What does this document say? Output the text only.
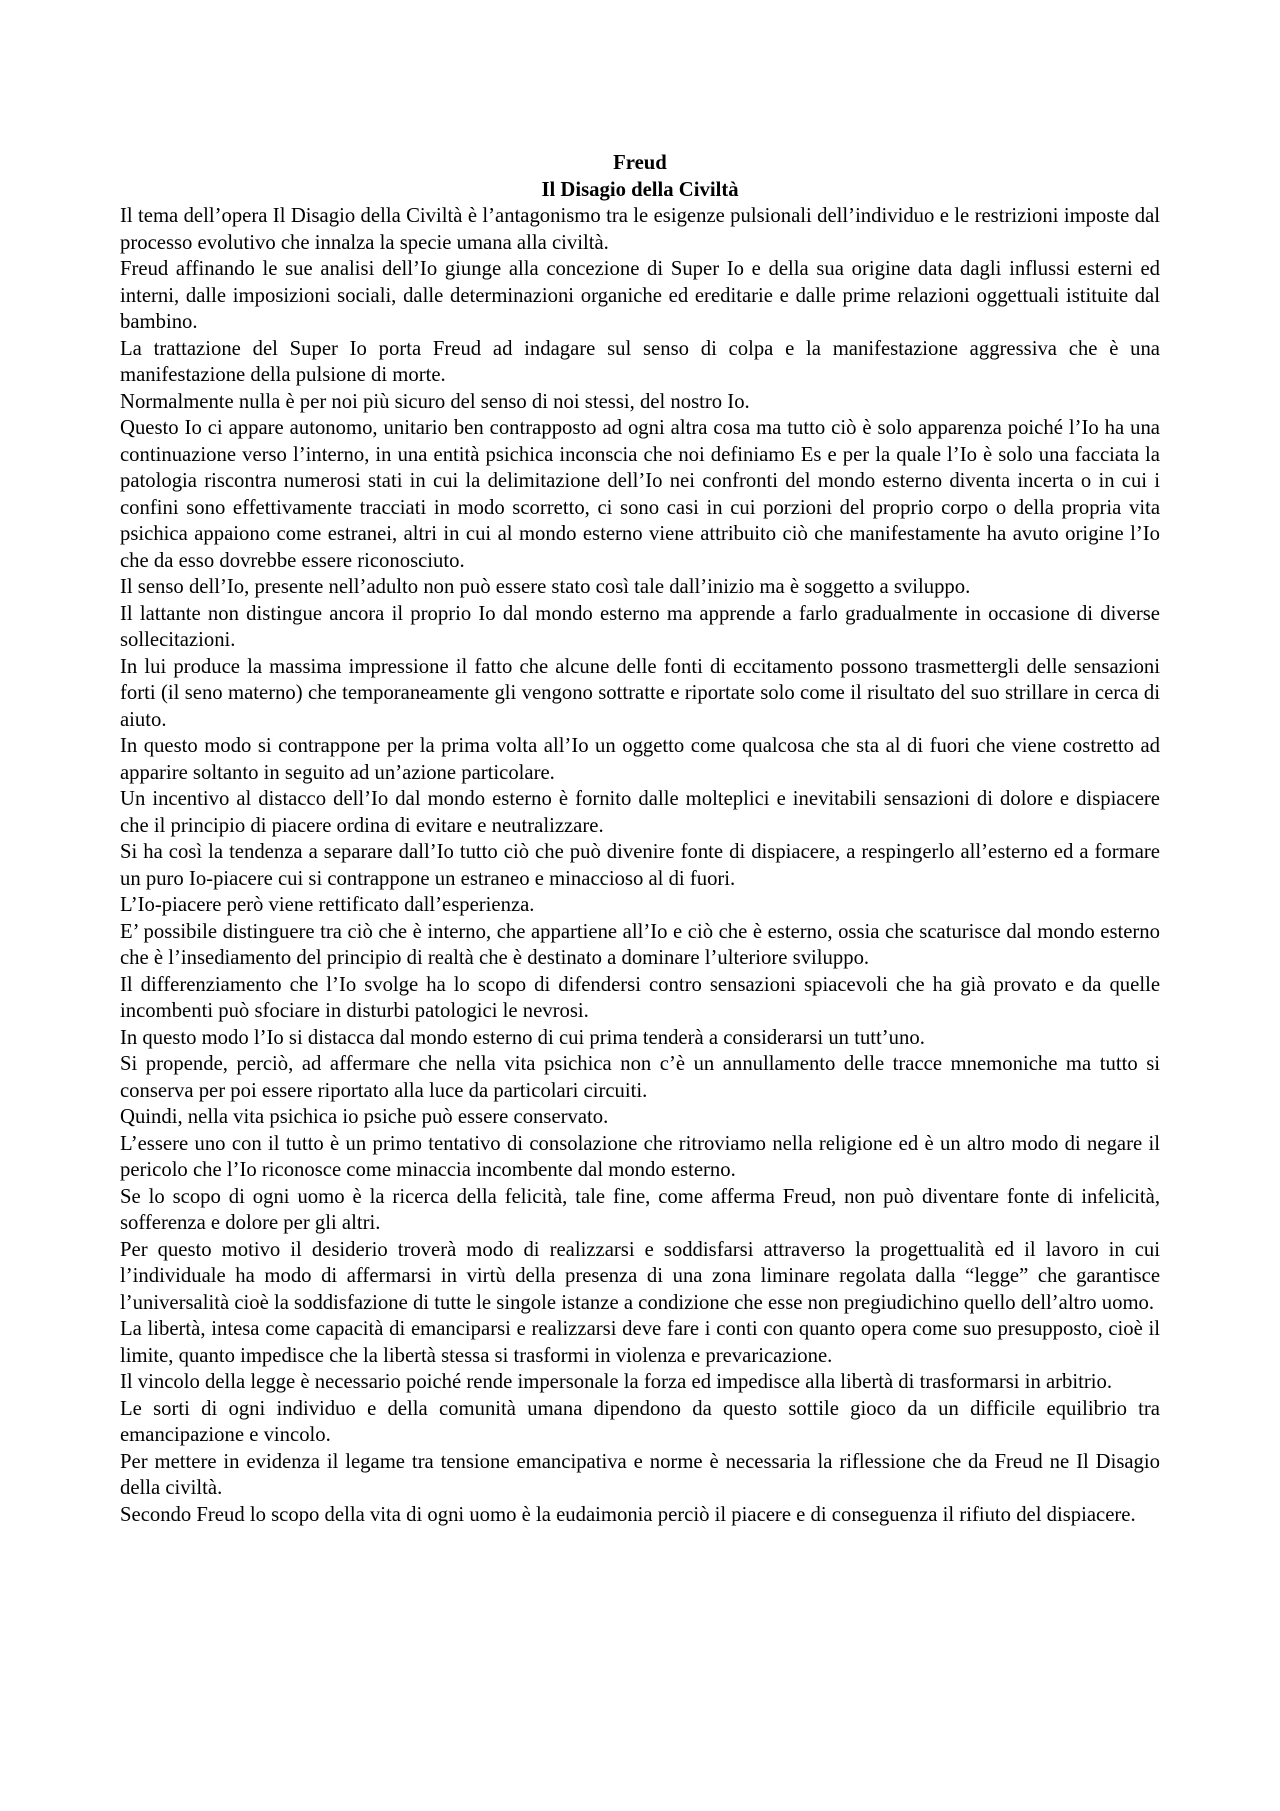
Freud

Il Disagio della Civiltà

Il tema dell’opera Il Disagio della Civiltà è l’antagonismo tra le esigenze pulsionali dell’individuo e le restrizioni imposte dal processo evolutivo che innalza la specie umana alla civiltà.

Freud affinando le sue analisi dell’Io giunge alla concezione di Super Io e della sua origine data dagli influssi esterni ed interni, dalle imposizioni sociali, dalle determinazioni organiche ed ereditarie e dalle prime relazioni oggettuali istituite dal bambino.

La trattazione del Super Io porta Freud ad indagare sul senso di colpa e la manifestazione aggressiva che è una manifestazione della pulsione di morte.

Normalmente nulla è per noi più sicuro del senso di noi stessi, del nostro Io.

Questo Io ci appare autonomo, unitario ben contrapposto ad ogni altra cosa ma tutto ciò è solo apparenza poiché l’Io ha una continuazione verso l’interno, in una entità psichica inconscia che noi definiamo Es e per la quale l’Io è solo una facciata la patologia riscontra numerosi stati in cui la delimitazione dell’Io nei confronti del mondo esterno diventa incerta o in cui i confini sono effettivamente tracciati in modo scorretto, ci sono casi in cui porzioni del proprio corpo o della propria vita psichica appaiono come estranei, altri in cui al mondo esterno viene attribuito ciò che manifestamente ha avuto origine l’Io che da esso dovrebbe essere riconosciuto.

Il senso dell’Io, presente nell’adulto non può essere stato così tale dall’inizio ma è soggetto a sviluppo.

Il lattante non distingue ancora il proprio Io dal mondo esterno ma apprende a farlo gradualmente in occasione di diverse sollecitazioni.

In lui produce la massima impressione il fatto che alcune delle fonti di eccitamento possono trasmettergli delle sensazioni forti (il seno materno) che temporaneamente gli vengono sottratte e riportate solo come il risultato del suo strillare in cerca di aiuto.

In questo modo si contrappone per la prima volta all’Io un oggetto come qualcosa che sta al di fuori che viene costretto ad apparire soltanto in seguito ad un’azione particolare.

Un incentivo al distacco dell’Io dal mondo esterno è fornito dalle molteplici e inevitabili sensazioni di dolore e dispiacere che il principio di piacere ordina di evitare e neutralizzare.

Si ha così la tendenza a separare dall’Io tutto ciò che può divenire fonte di dispiacere, a respingerlo all’esterno ed a formare un puro Io-piacere cui si contrappone un estraneo e minaccioso al di fuori.

L’Io-piacere però viene rettificato dall’esperienza.

E’ possibile distinguere tra ciò che è interno, che appartiene all’Io e ciò che è esterno, ossia che scaturisce dal mondo esterno che è l’insediamento del principio di realtà che è destinato a dominare l’ulteriore sviluppo.

Il differenziamento che l’Io svolge ha lo scopo di difendersi contro sensazioni spiacevoli che ha già provato e da quelle incombenti può sfociare in disturbi patologici le nevrosi.

In questo modo l’Io si distacca dal mondo esterno di cui prima tenderà a considerarsi un tutt’uno.

Si propende, perciò, ad affermare che nella vita psichica non c’è un annullamento delle tracce mnemoniche ma tutto si conserva per poi essere riportato alla luce da particolari circuiti.

Quindi, nella vita psichica io psiche può essere conservato.

L’essere uno con il tutto è un primo tentativo di consolazione che ritroviamo nella religione ed è un altro modo di negare il pericolo che l’Io riconosce come minaccia incombente dal mondo esterno.

Se lo scopo di ogni uomo è la ricerca della felicità, tale fine, come afferma Freud, non può diventare fonte di infelicità, sofferenza e dolore per gli altri.

Per questo motivo il desiderio troverà modo di realizzarsi e soddisfarsi attraverso la progettualità ed il lavoro in cui l’individuale ha modo di affermarsi in virtù della presenza di una zona liminare regolata dalla “legge” che garantisce l’universalità cioè la soddisfazione di tutte le singole istanze a condizione che esse non pregiudichino quello dell’altro uomo.

La libertà, intesa come capacità di emanciparsi e realizzarsi deve fare i conti con quanto opera come suo presupposto, cioè il limite, quanto impedisce che la libertà stessa si trasformi in violenza e prevaricazione.

Il vincolo della legge è necessario poiché rende impersonale la forza ed impedisce alla libertà di trasformarsi in arbitrio.

Le sorti di ogni individuo e della comunità umana dipendono da questo sottile gioco da un difficile equilibrio tra emancipazione e vincolo.

Per mettere in evidenza il legame tra tensione emancipativa e norme è necessaria la riflessione che da Freud ne Il Disagio della civiltà.

Secondo Freud lo scopo della vita di ogni uomo è la eudaimonia perciò il piacere e di conseguenza il rifiuto del dispiacere.
